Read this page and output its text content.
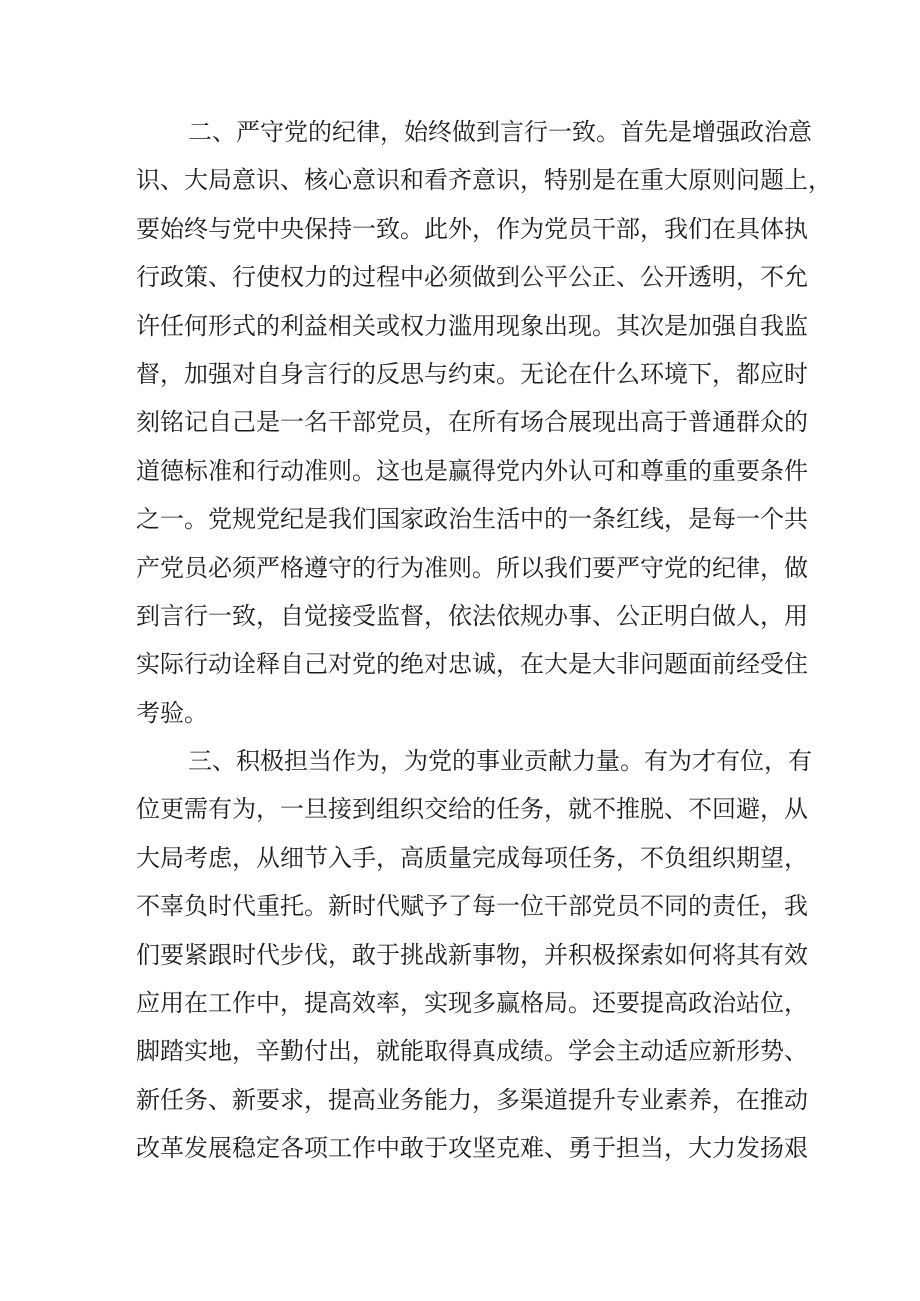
二、严守党的纪律，始终做到言行一致。首先是增强政治意
识、大局意识、核心意识和看齐意识，特别是在重大原则问题上，
要始终与党中央保持一致。此外，作为党员干部，我们在具体执
行政策、行使权力的过程中必须做到公平公正、公开透明，不允
许任何形式的利益相关或权力滥用现象出现。其次是加强自我监
督，加强对自身言行的反思与约束。无论在什么环境下，都应时
刻铭记自己是一名干部党员，在所有场合展现出高于普通群众的
道德标准和行动准则。这也是赢得党内外认可和尊重的重要条件
之一。党规党纪是我们国家政治生活中的一条红线，是每一个共
产党员必须严格遵守的行为准则。所以我们要严守党的纪律，做
到言行一致，自觉接受监督，依法依规办事、公正明白做人，用
实际行动诠释自己对党的绝对忠诚，在大是大非问题面前经受住
考验。
三、积极担当作为，为党的事业贡献力量。有为才有位，有
位更需有为，一旦接到组织交给的任务，就不推脱、不回避，从
大局考虑，从细节入手，高质量完成每项任务，不负组织期望，
不辜负时代重托。新时代赋予了每一位干部党员不同的责任，我
们要紧跟时代步伐，敢于挑战新事物，并积极探索如何将其有效
应用在工作中，提高效率，实现多赢格局。还要提高政治站位，
脚踏实地，辛勤付出，就能取得真成绩。学会主动适应新形势、
新任务、新要求，提高业务能力，多渠道提升专业素养，在推动
改革发展稳定各项工作中敢于攻坚克难、勇于担当，大力发扬艰
